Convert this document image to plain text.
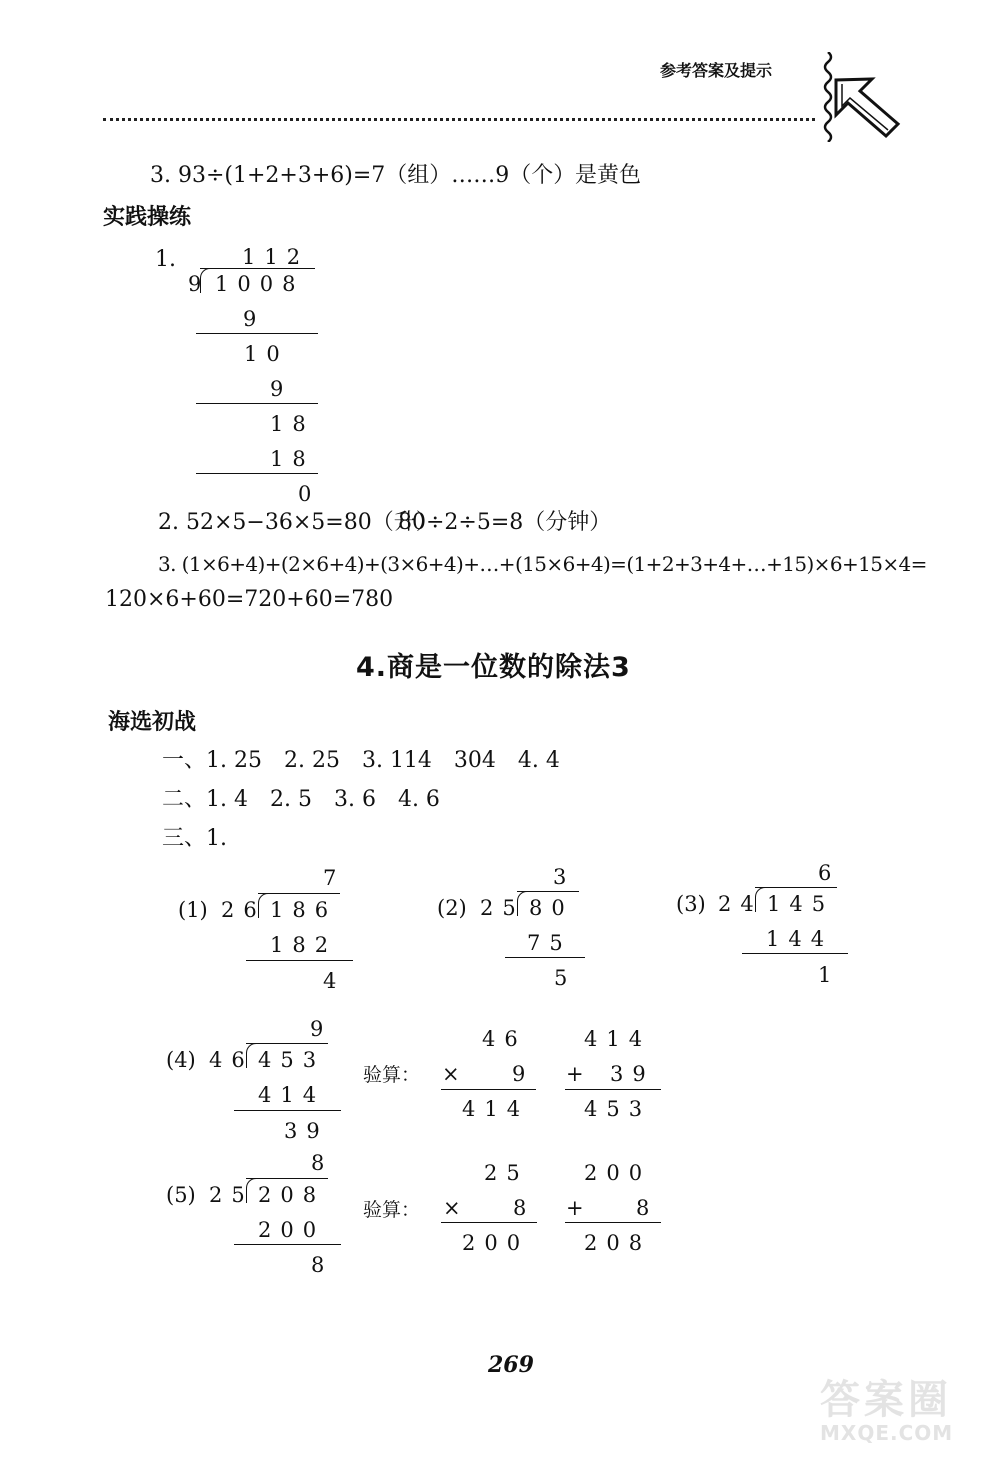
参考答案及提示
3. 93÷(1+2+3+6)=7（组）……9（个） 是黄色
实践操练
1.	112
9 1008
9
10
9
18
18
0
2. 52×5−36×5=80（升）
80÷2÷5=8（分钟）
3. (1×6+4)+(2×6+4)+(3×6+4)+…+(15×6+4)=(1+2+3+4+…+15)×6+15×4=
120×6+60=720+60=780
4.商是一位数的除法3
海选初战
一、1. 25　2. 25　3. 114　304　4. 4
二、1. 4　2. 5　3. 6　4. 6
三、1.
(1) 26
7
186
182
4
(2) 25
3
80
75
5
(3) 24
6
145
144
1
(4) 46
9
453
414
39
验算：
46
× 9
414
414
+ 39
453
(5) 25
8
208
200
8
验算：
25
× 8
200
200
+ 8
208
269
答案圈
MXQE.COM
